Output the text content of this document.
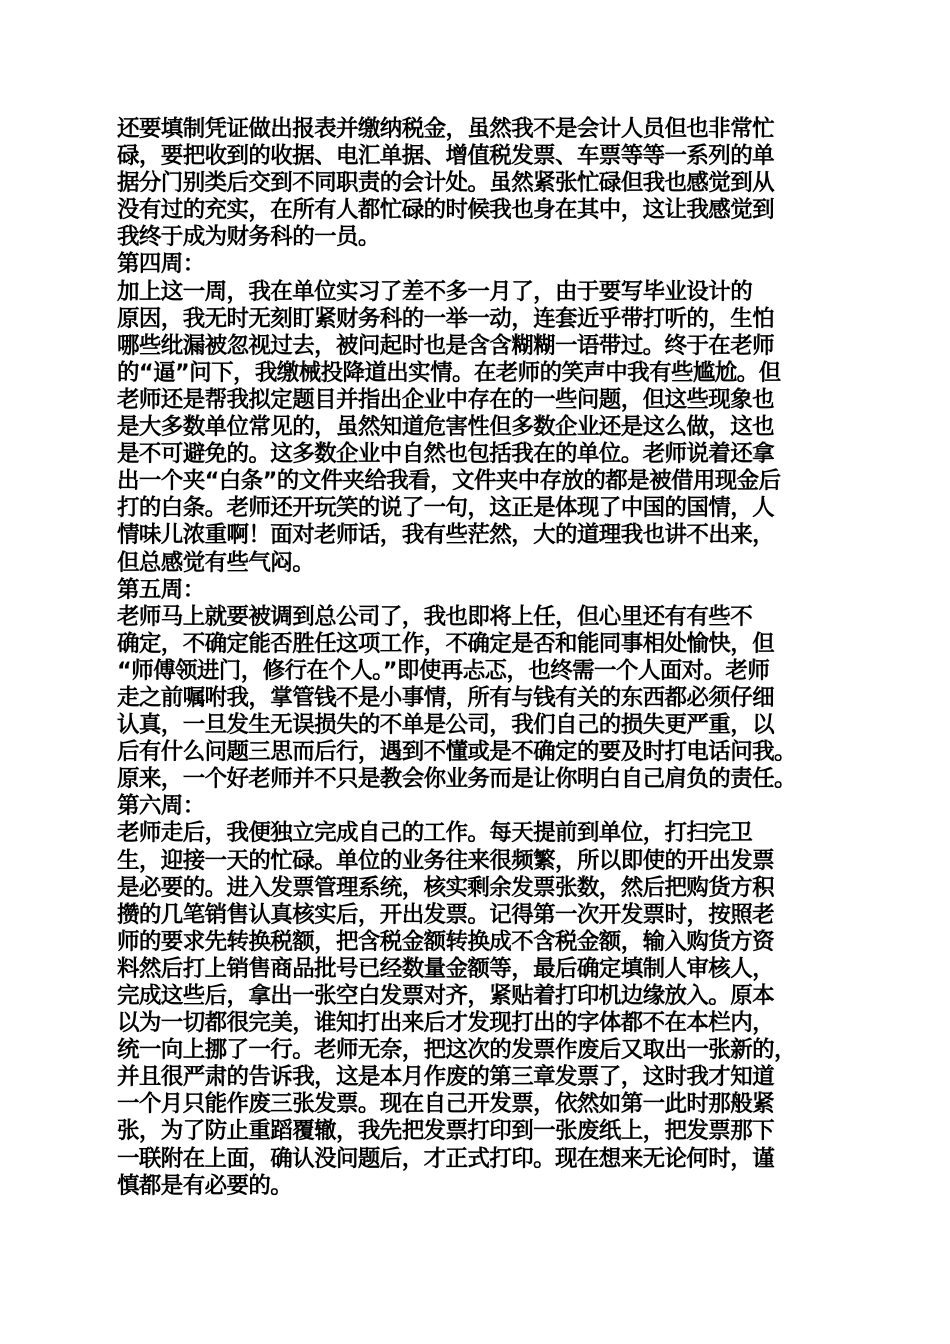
还要填制凭证做出报表并缴纳税金，虽然我不是会计人员但也非常忙
碌，要把收到的收据、电汇单据、增值税发票、车票等等一系列的单
据分门别类后交到不同职责的会计处。虽然紧张忙碌但我也感觉到从
没有过的充实，在所有人都忙碌的时候我也身在其中，这让我感觉到
我终于成为财务科的一员。
第四周：
加上这一周，我在单位实习了差不多一月了，由于要写毕业设计的
原因，我无时无刻盯紧财务科的一举一动，连套近乎带打听的，生怕
哪些纰漏被忽视过去，被问起时也是含含糊糊一语带过。终于在老师
的“逼”问下，我缴械投降道出实情。在老师的笑声中我有些尴尬。但
老师还是帮我拟定题目并指出企业中存在的一些问题，但这些现象也
是大多数单位常见的，虽然知道危害性但多数企业还是这么做，这也
是不可避免的。这多数企业中自然也包括我在的单位。老师说着还拿
出一个夹“白条”的文件夹给我看，文件夹中存放的都是被借用现金后
打的白条。老师还开玩笑的说了一句，这正是体现了中国的国情，人
情味儿浓重啊！面对老师话，我有些茫然，大的道理我也讲不出来，
但总感觉有些气闷。
第五周：
老师马上就要被调到总公司了，我也即将上任，但心里还有有些不
确定，不确定能否胜任这项工作，不确定是否和能同事相处愉快，但
“师傅领进门，修行在个人。”即使再忐忑，也终需一个人面对。老师
走之前嘱咐我，掌管钱不是小事情，所有与钱有关的东西都必须仔细
认真，一旦发生无误损失的不单是公司，我们自己的损失更严重，以
后有什么问题三思而后行，遇到不懂或是不确定的要及时打电话问我。
原来，一个好老师并不只是教会你业务而是让你明白自己肩负的责任。
第六周：
老师走后，我便独立完成自己的工作。每天提前到单位，打扫完卫
生，迎接一天的忙碌。单位的业务往来很频繁，所以即使的开出发票
是必要的。进入发票管理系统，核实剩余发票张数，然后把购货方积
攒的几笔销售认真核实后，开出发票。记得第一次开发票时，按照老
师的要求先转换税额，把含税金额转换成不含税金额，输入购货方资
料然后打上销售商品批号已经数量金额等，最后确定填制人审核人，
完成这些后，拿出一张空白发票对齐，紧贴着打印机边缘放入。原本
以为一切都很完美，谁知打出来后才发现打出的字体都不在本栏内，
统一向上挪了一行。老师无奈，把这次的发票作废后又取出一张新的，
并且很严肃的告诉我，这是本月作废的第三章发票了，这时我才知道
一个月只能作废三张发票。现在自己开发票，依然如第一此时那般紧
张，为了防止重蹈覆辙，我先把发票打印到一张废纸上，把发票那下
一联附在上面，确认没问题后，才正式打印。现在想来无论何时，谨
慎都是有必要的。
